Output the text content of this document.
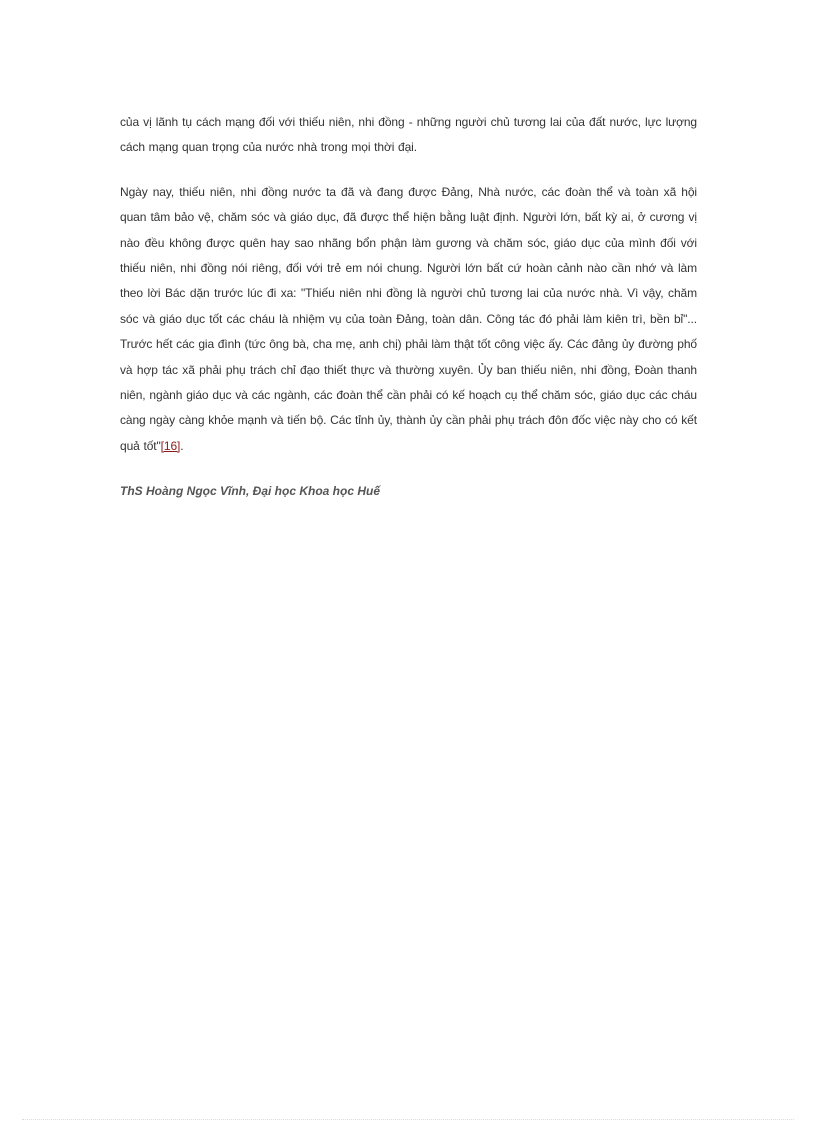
của vị lãnh tụ cách mạng đối với thiếu niên, nhi đồng - những người chủ tương lai của đất nước, lực lượng cách mạng quan trọng của nước nhà trong mọi thời đại.

Ngày nay, thiếu niên, nhi đồng nước ta đã và đang được Đảng, Nhà nước, các đoàn thể và toàn xã hội quan tâm bảo vệ, chăm sóc và giáo dục, đã được thể hiện bằng luật định. Người lớn, bất kỳ ai, ở cương vị nào đều không được quên hay sao nhãng bổn phận làm gương và chăm sóc, giáo dục của mình đối với thiếu niên, nhi đồng nói riêng, đối với trẻ em nói chung. Người lớn bất cứ hoàn cảnh nào cần nhớ và làm theo lời Bác dặn trước lúc đi xa: "Thiếu niên nhi đồng là người chủ tương lai của nước nhà. Vì vậy, chăm sóc và giáo dục tốt các cháu là nhiệm vụ của toàn Đảng, toàn dân. Công tác đó phải làm kiên trì, bền bỉ"... Trước hết các gia đình (tức ông bà, cha mẹ, anh chị) phải làm thật tốt công việc ấy. Các đảng ủy đường phố và hợp tác xã phải phụ trách chỉ đạo thiết thực và thường xuyên. Ủy ban thiếu niên, nhi đồng, Đoàn thanh niên, ngành giáo dục và các ngành, các đoàn thể cần phải có kế hoạch cụ thể chăm sóc, giáo dục các cháu càng ngày càng khỏe mạnh và tiến bộ. Các tỉnh ủy, thành ủy cần phải phụ trách đôn đốc việc này cho có kết quả tốt"[16].

ThS Hoàng Ngọc Vĩnh, Đại học Khoa học Huế
